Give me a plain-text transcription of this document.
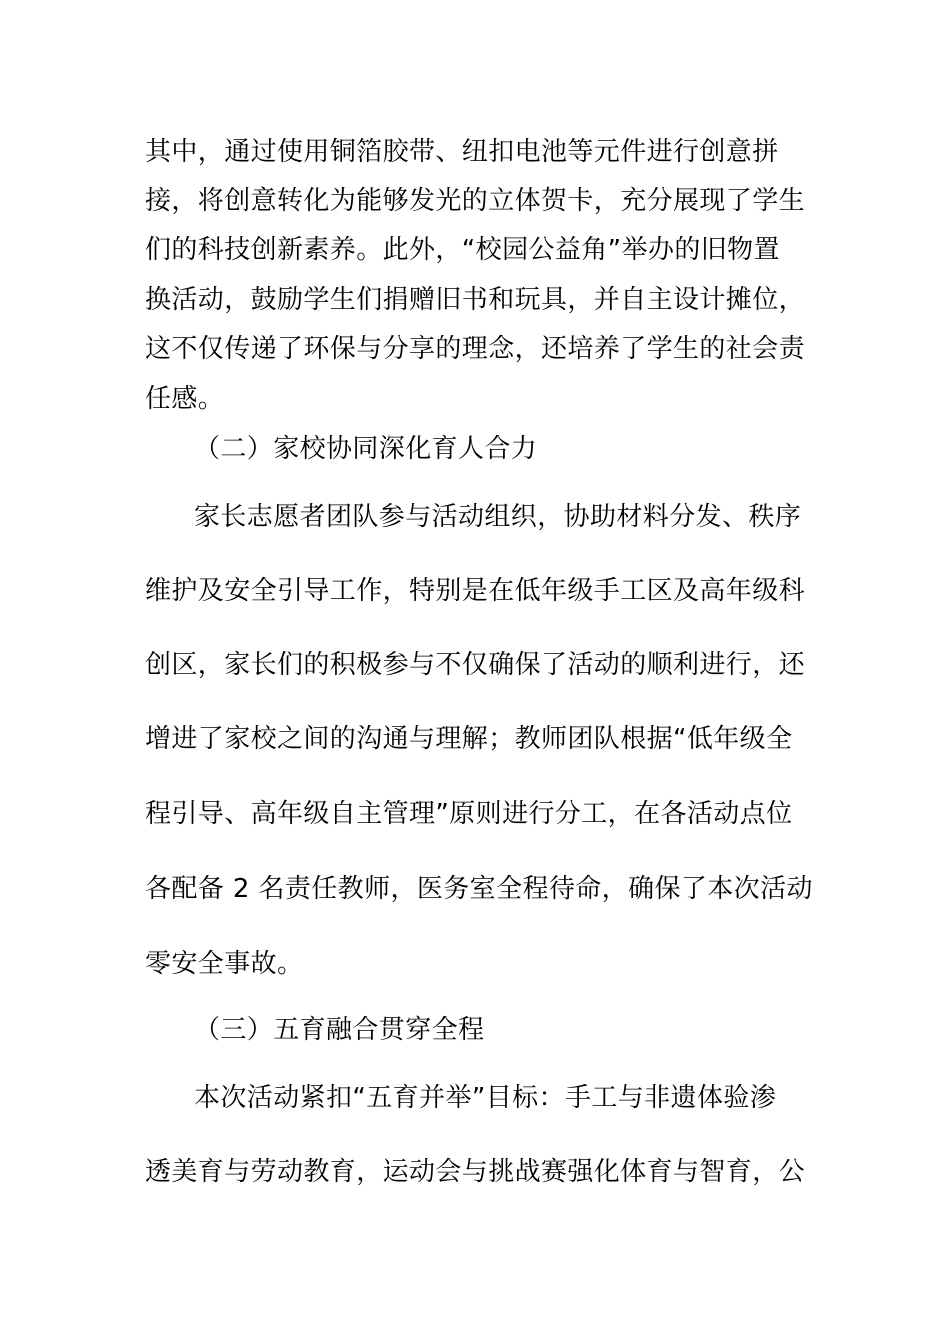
其中，通过使用铜箔胶带、纽扣电池等元件进行创意拼
接，将创意转化为能够发光的立体贺卡，充分展现了学生
们的科技创新素养。此外，“校园公益角”举办的旧物置
换活动，鼓励学生们捐赠旧书和玩具，并自主设计摊位，
这不仅传递了环保与分享的理念，还培养了学生的社会责
任感。
（二）家校协同深化育人合力
家长志愿者团队参与活动组织，协助材料分发、秩序
维护及安全引导工作，特别是在低年级手工区及高年级科
创区，家长们的积极参与不仅确保了活动的顺利进行，还
增进了家校之间的沟通与理解；教师团队根据“低年级全
程引导、高年级自主管理”原则进行分工，在各活动点位
各配备 2 名责任教师，医务室全程待命，确保了本次活动
零安全事故。
（三）五育融合贯穿全程
本次活动紧扣“五育并举”目标：手工与非遗体验渗
透美育与劳动教育，运动会与挑战赛强化体育与智育，公
